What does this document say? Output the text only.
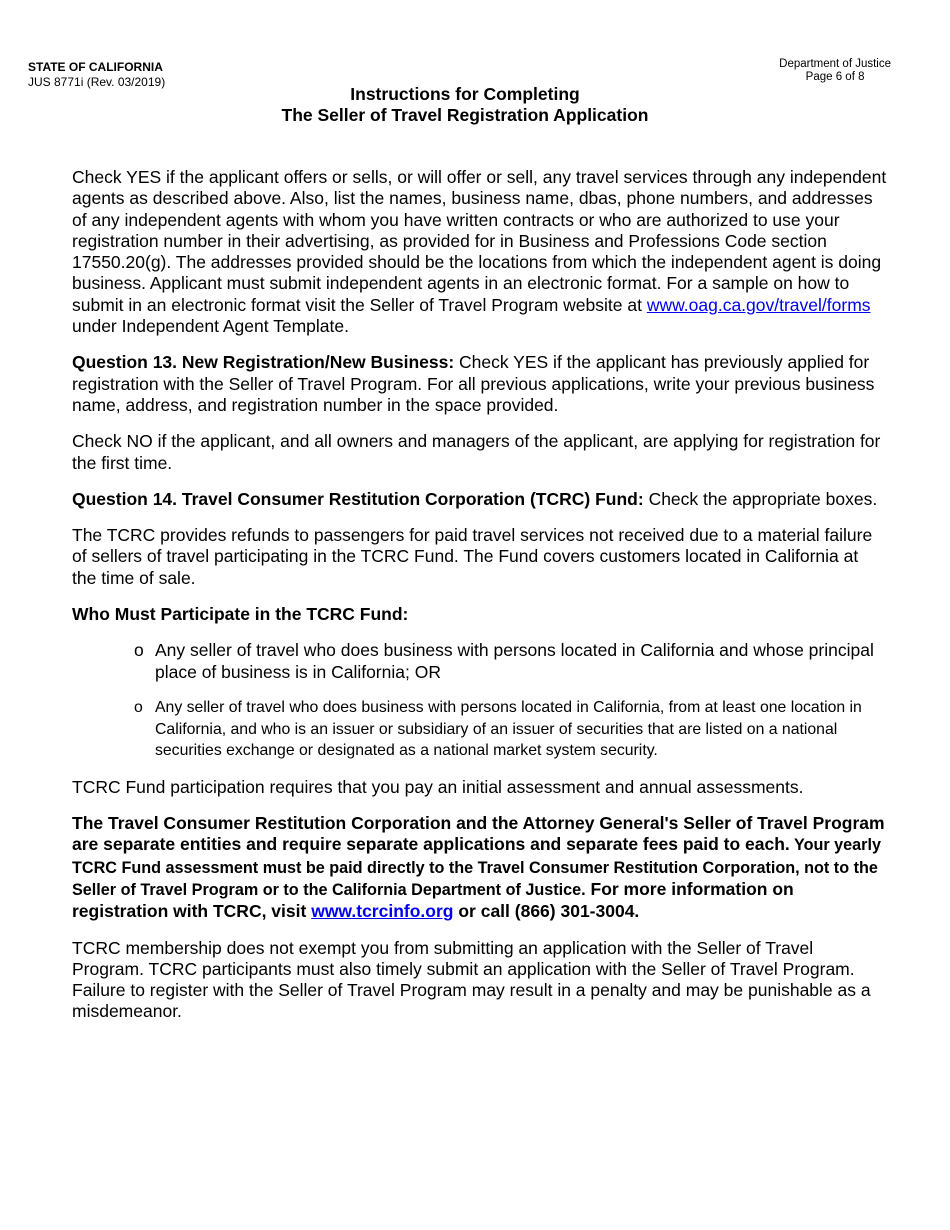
STATE OF CALIFORNIA
JUS 8771i (Rev. 03/2019)
Department of Justice
Page 6 of 8
Instructions for Completing
The Seller of Travel Registration Application

Check YES if the applicant offers or sells, or will offer or sell, any travel services through any independent agents as described above. Also, list the names, business name, dbas, phone numbers, and addresses of any independent agents with whom you have written contracts or who are authorized to use your registration number in their advertising, as provided for in Business and Professions Code section 17550.20(g). The addresses provided should be the locations from which the independent agent is doing business. Applicant must submit independent agents in an electronic format. For a sample on how to submit in an electronic format visit the Seller of Travel Program website at www.oag.ca.gov/travel/forms under Independent Agent Template.

Question 13. New Registration/New Business: Check YES if the applicant has previously applied for registration with the Seller of Travel Program. For all previous applications, write your previous business name, address, and registration number in the space provided.

Check NO if the applicant, and all owners and managers of the applicant, are applying for registration for the first time.

Question 14. Travel Consumer Restitution Corporation (TCRC) Fund: Check the appropriate boxes.

The TCRC provides refunds to passengers for paid travel services not received due to a material failure of sellers of travel participating in the TCRC Fund. The Fund covers customers located in California at the time of sale.

Who Must Participate in the TCRC Fund:

o Any seller of travel who does business with persons located in California and whose principal place of business is in California; OR
o Any seller of travel who does business with persons located in California, from at least one location in California, and who is an issuer or subsidiary of an issuer of securities that are listed on a national securities exchange or designated as a national market system security.

TCRC Fund participation requires that you pay an initial assessment and annual assessments.

The Travel Consumer Restitution Corporation and the Attorney General's Seller of Travel Program are separate entities and require separate applications and separate fees paid to each. Your yearly TCRC Fund assessment must be paid directly to the Travel Consumer Restitution Corporation, not to the Seller of Travel Program or to the California Department of Justice. For more information on registration with TCRC, visit www.tcrcinfo.org or call (866) 301-3004.

TCRC membership does not exempt you from submitting an application with the Seller of Travel Program. TCRC participants must also timely submit an application with the Seller of Travel Program. Failure to register with the Seller of Travel Program may result in a penalty and may be punishable as a misdemeanor.
